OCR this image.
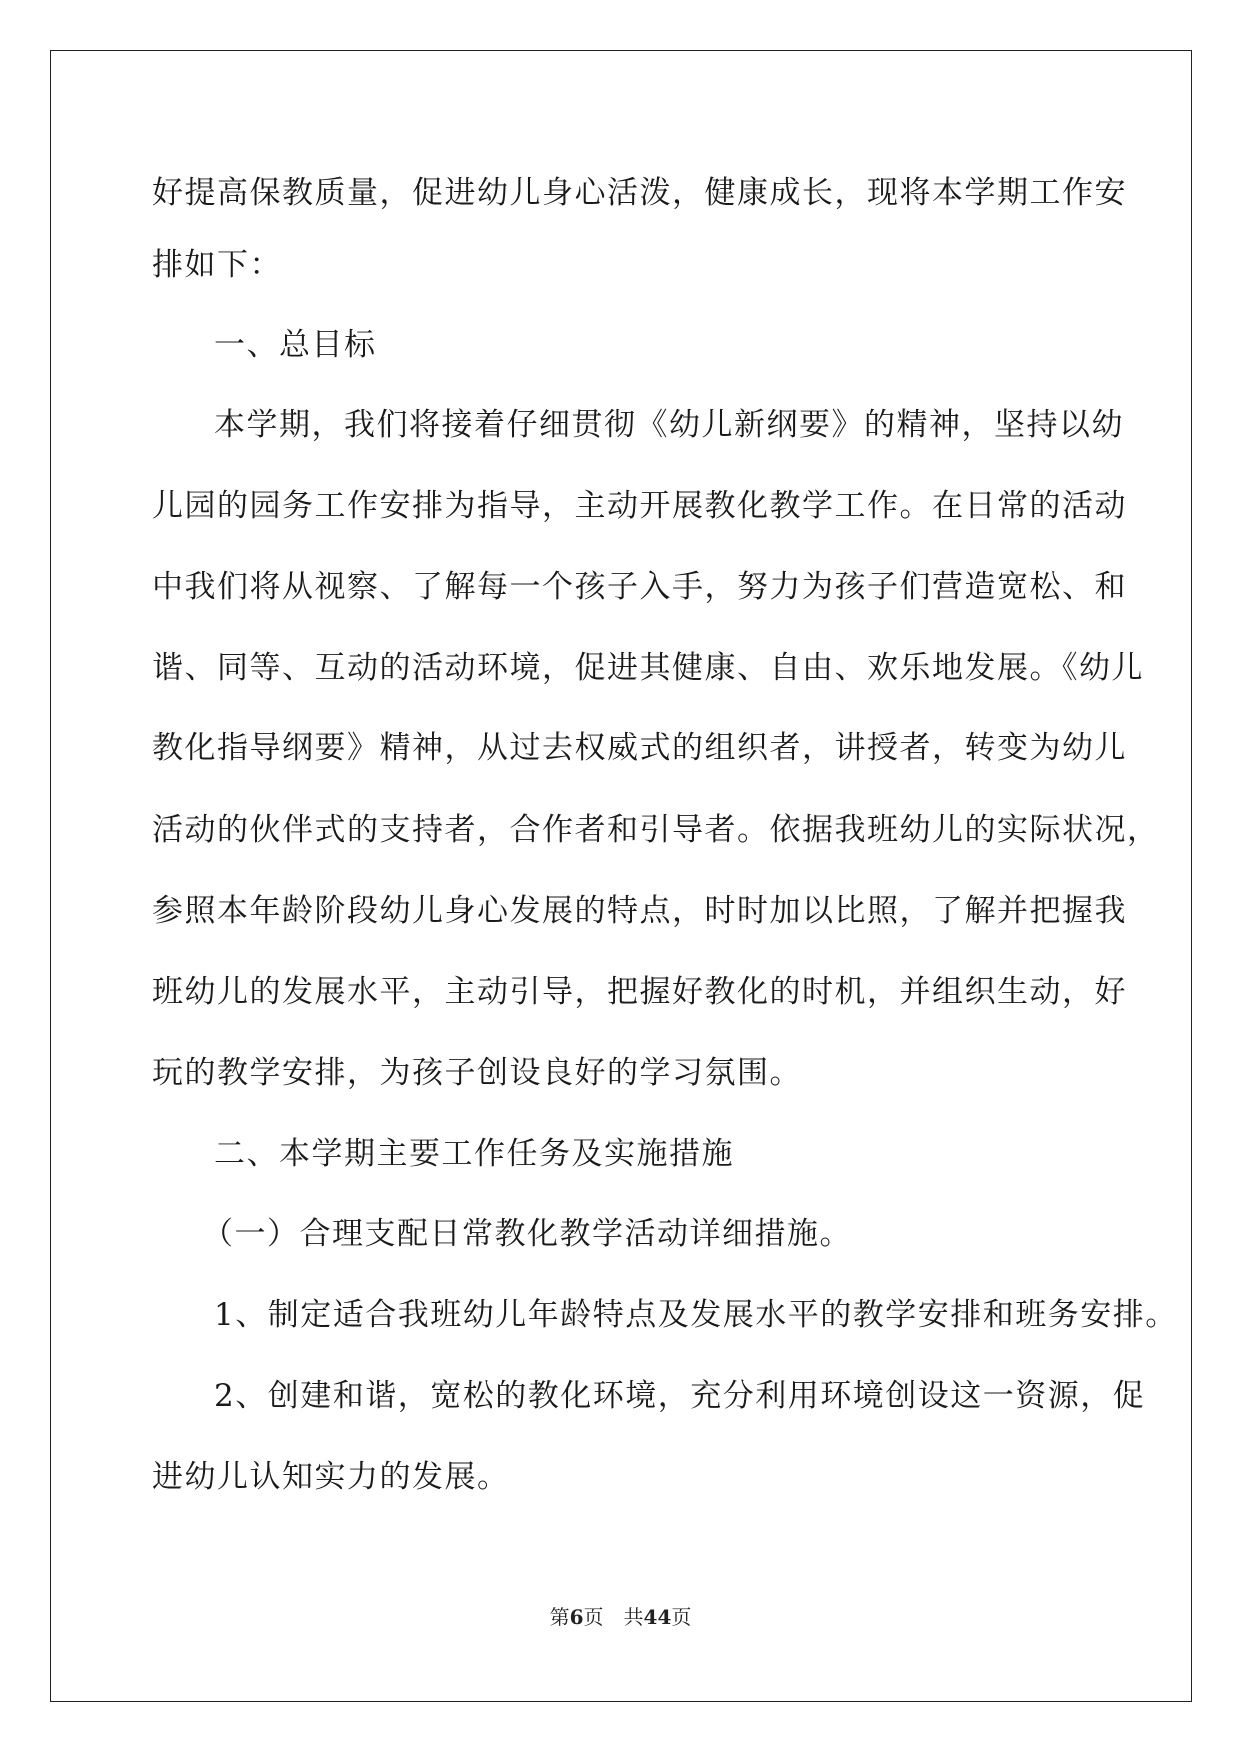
好提高保教质量，促进幼儿身心活泼，健康成长，现将本学期工作安
排如下：
一、总目标
本学期，我们将接着仔细贯彻《幼儿新纲要》的精神，坚持以幼
儿园的园务工作安排为指导，主动开展教化教学工作。在日常的活动
中我们将从视察、了解每一个孩子入手，努力为孩子们营造宽松、和
谐、同等、互动的活动环境，促进其健康、自由、欢乐地发展。《幼儿
教化指导纲要》精神，从过去权威式的组织者，讲授者，转变为幼儿
活动的伙伴式的支持者，合作者和引导者。依据我班幼儿的实际状况，
参照本年龄阶段幼儿身心发展的特点，时时加以比照，了解并把握我
班幼儿的发展水平，主动引导，把握好教化的时机，并组织生动，好
玩的教学安排，为孩子创设良好的学习氛围。
二、本学期主要工作任务及实施措施
（一）合理支配日常教化教学活动详细措施。
1、制定适合我班幼儿年龄特点及发展水平的教学安排和班务安排。
2、创建和谐，宽松的教化环境，充分利用环境创设这一资源，促
进幼儿认知实力的发展。
第6页 共44页
